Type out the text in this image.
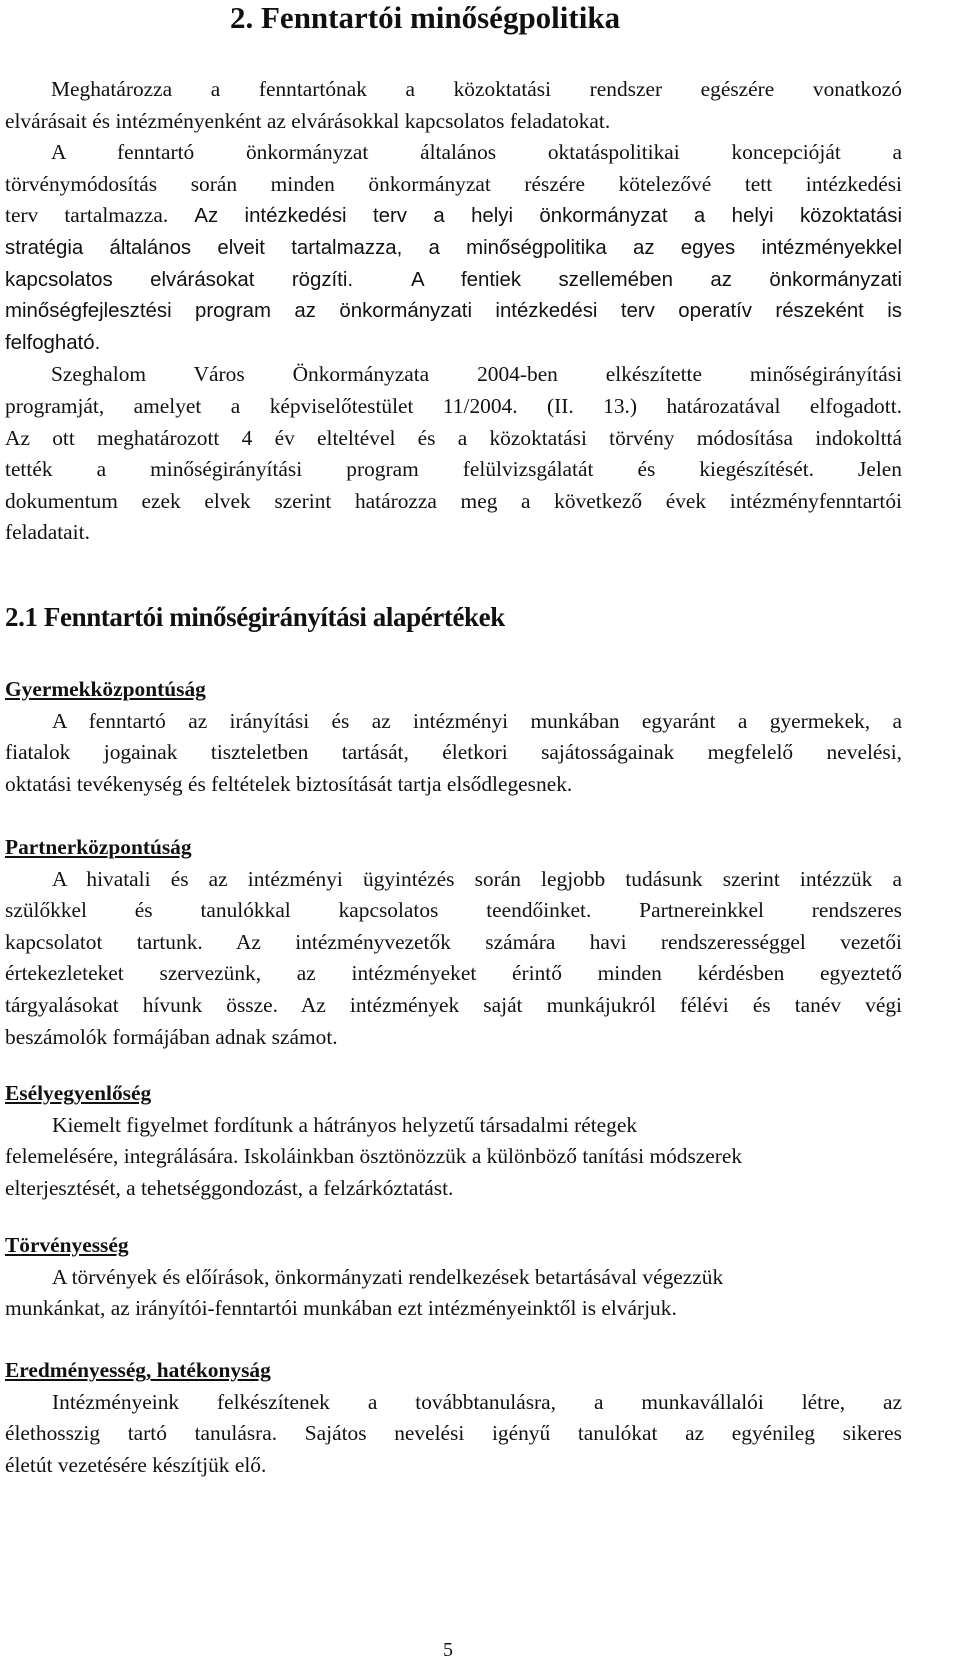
2. Fenntartói minőségpolitika
Meghatározza a fenntartónak a közoktatási rendszer egészére vonatkozó
elvárásait és intézményenként az elvárásokkal kapcsolatos feladatokat.
A fenntartó önkormányzat általános oktatáspolitikai koncepcióját a
törvénymódosítás során minden önkormányzat részére kötelezővé tett intézkedési
terv tartalmazza. Az intézkedési terv a helyi önkormányzat a helyi közoktatási
stratégia általános elveit tartalmazza, a minőségpolitika az egyes intézményekkel
kapcsolatos elvárásokat rögzíti.	A fentiek szellemében az önkormányzati
minőségfejlesztési program az önkormányzati intézkedési terv operatív részeként is
felfogható.
Szeghalom Város Önkormányzata 2004-ben elkészítette minőségirányítási
programját, amelyet a képviselőtestület 11/2004. (II. 13.) határozatával elfogadott.
Az ott meghatározott 4 év elteltével és a közoktatási törvény módosítása indokolttá
tették a minőségirányítási program felülvizsgálatát és kiegészítését. Jelen
dokumentum ezek elvek szerint határozza meg a következő évek intézményfenntartói
feladatait.
2.1 Fenntartói minőségirányítási alapértékek
Gyermekközpontúság
A fenntartó az irányítási és az intézményi munkában egyaránt a gyermekek, a
fiatalok jogainak tiszteletben tartását, életkori sajátosságainak megfelelő nevelési,
oktatási tevékenység és feltételek biztosítását tartja elsődlegesnek.
Partnerközpontúság
A hivatali és az intézményi ügyintézés során legjobb tudásunk szerint intézzük a
szülőkkel és tanulókkal kapcsolatos teendőinket. Partnereinkkel rendszeres
kapcsolatot tartunk. Az intézményvezetők számára havi rendszerességgel vezetői
értekezleteket szervezünk, az intézményeket érintő minden kérdésben egyeztető
tárgyalásokat hívunk össze. Az intézmények saját munkájukról félévi és tanév végi
beszámolók formájában adnak számot.
Esélyegyenlőség
Kiemelt figyelmet fordítunk a hátrányos helyzetű társadalmi rétegek
felemelésére, integrálására. Iskoláinkban ösztönözzük a különböző tanítási módszerek
elterjesztését, a tehetséggondozást, a felzárkóztatást.
Törvényesség
A törvények és előírások, önkormányzati rendelkezések betartásával végezzük
munkánkat, az irányítói-fenntartói munkában ezt intézményeinktől is elvárjuk.
Eredményesség, hatékonyság
Intézményeink felkészítenek a továbbtanulásra, a munkavállalói létre, az
élethosszig tartó tanulásra. Sajátos nevelési igényű tanulókat az egyénileg sikeres
életút vezetésére készítjük elő.
5
